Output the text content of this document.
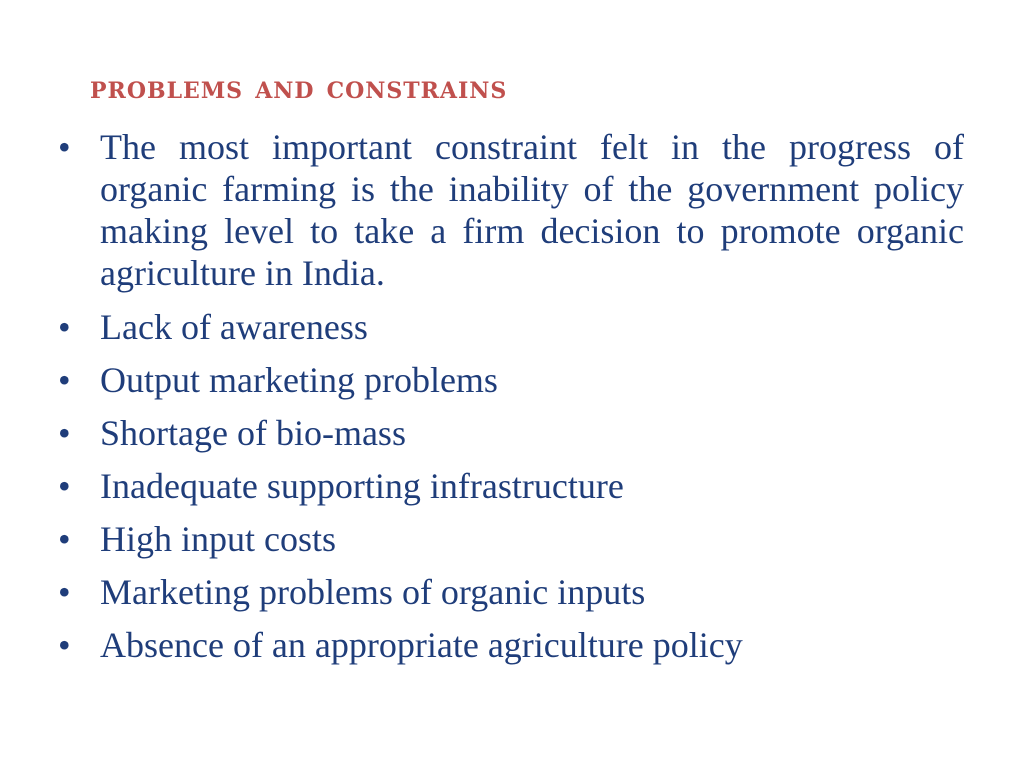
problems and constrains
• The most important constraint felt in the progress of organic farming is the inability of the government policy making level to take a firm decision to promote organic agriculture in India.
• Lack of awareness
• Output marketing problems
• Shortage of bio-mass
• Inadequate supporting infrastructure
• High input costs
• Marketing problems of organic inputs
• Absence of an appropriate agriculture policy
